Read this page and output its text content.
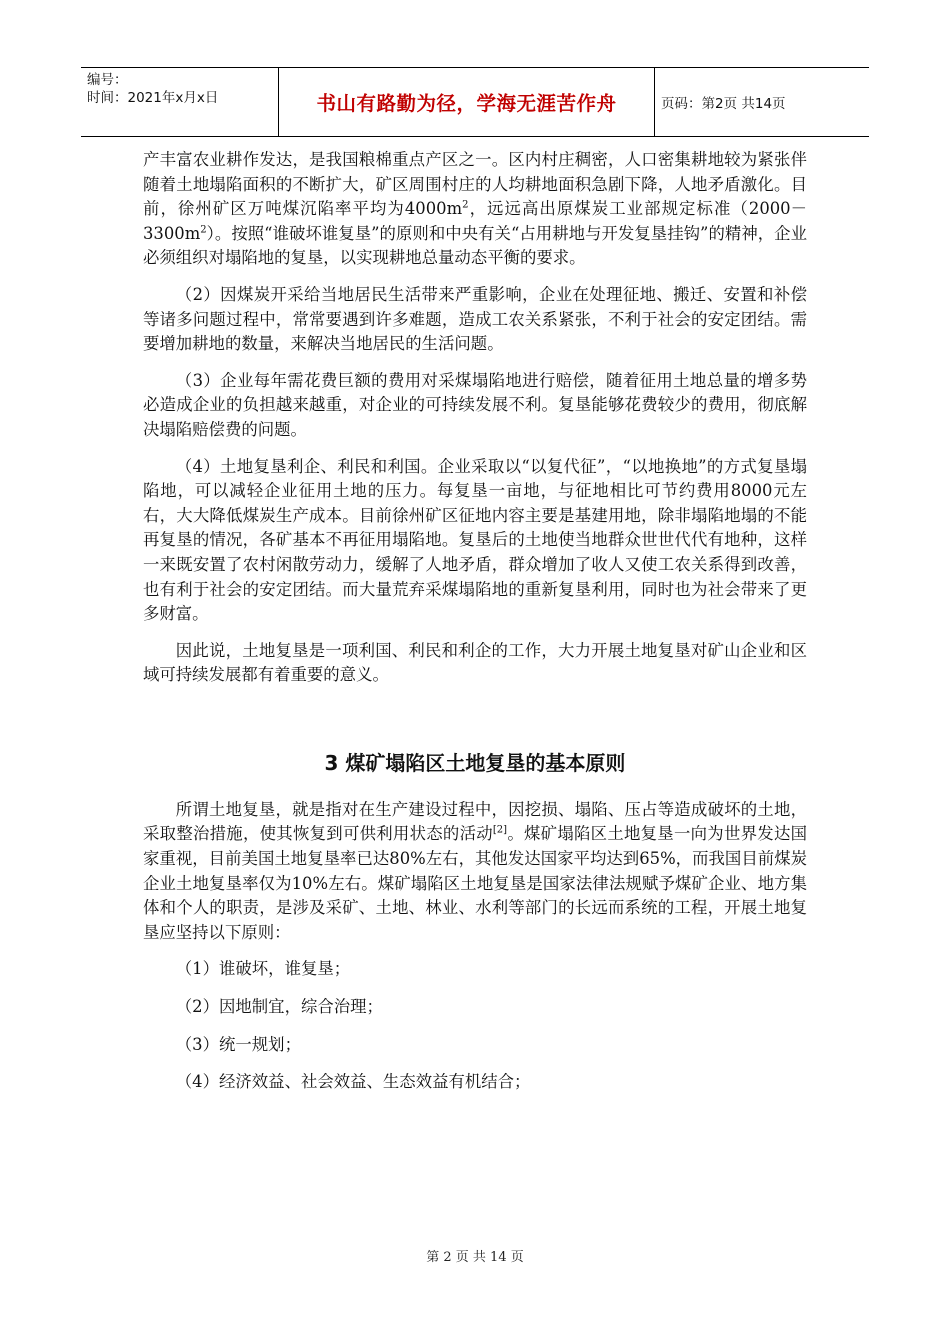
编号：
时间：2021年x月x日	书山有路勤为径，学海无涯苦作舟	页码：第2页 共14页

产丰富农业耕作发达，是我国粮棉重点产区之一。区内村庄稠密，人口密集耕地较为紧张伴随着土地塌陷面积的不断扩大，矿区周围村庄的人均耕地面积急剧下降，人地矛盾激化。目前，徐州矿区万吨煤沉陷率平均为$4000m^2$，远远高出原煤炭工业部规定标准$(2000-3300m^2)$。按照“谁破坏谁复垦”的原则和中央有关“占用耕地与开发复垦挂钩”的精神，企业必须组织对塌陷地的复垦，以实现耕地总量动态平衡的要求。

（2）因煤炭开采给当地居民生活带来严重影响，企业在处理征地、搬迁、安置和补偿等诸多问题过程中，常常要遇到许多难题，造成工农关系紧张，不利于社会的安定团结。需要增加耕地的数量，来解决当地居民的生活问题。

（3）企业每年需花费巨额的费用对采煤塌陷地进行赔偿，随着征用土地总量的增多势必造成企业的负担越来越重，对企业的可持续发展不利。复垦能够花费较少的费用，彻底解决塌陷赔偿费的问题。

（4）土地复垦利企、利民和利国。企业采取以“以复代征”，“以地换地”的方式复垦塌陷地，可以减轻企业征用土地的压力。每复垦一亩地，与征地相比可节约费用8000元左右，大大降低煤炭生产成本。目前徐州矿区征地内容主要是基建用地，除非塌陷地塌的不能再复垦的情况，各矿基本不再征用塌陷地。复垦后的土地使当地群众世世代代有地种，这样一来既安置了农村闲散劳动力，缓解了人地矛盾，群众增加了收人又使工农关系得到改善，也有利于社会的安定团结。而大量荒弃采煤塌陷地的重新复垦利用，同时也为社会带来了更多财富。

因此说，土地复垦是一项利国、利民和利企的工作，大力开展土地复垦对矿山企业和区域可持续发展都有着重要的意义。

3 煤矿塌陷区土地复垦的基本原则

所谓土地复垦，就是指对在生产建设过程中，因挖损、塌陷、压占等造成破坏的土地，采取整治措施，使其恢复到可供利用状态的活动[2]。煤矿塌陷区土地复垦一向为世界发达国家重视，目前美国土地复垦率已达80%左右，其他发达国家平均达到65%，而我国目前煤炭企业土地复垦率仅为10%左右。煤矿塌陷区土地复垦是国家法律法规赋予煤矿企业、地方集体和个人的职责，是涉及采矿、土地、林业、水利等部门的长远而系统的工程，开展土地复垦应坚持以下原则：

（1）谁破坏，谁复垦；

（2）因地制宜，综合治理；

（3）统一规划；

（4）经济效益、社会效益、生态效益有机结合；

第 2 页 共 14 页
